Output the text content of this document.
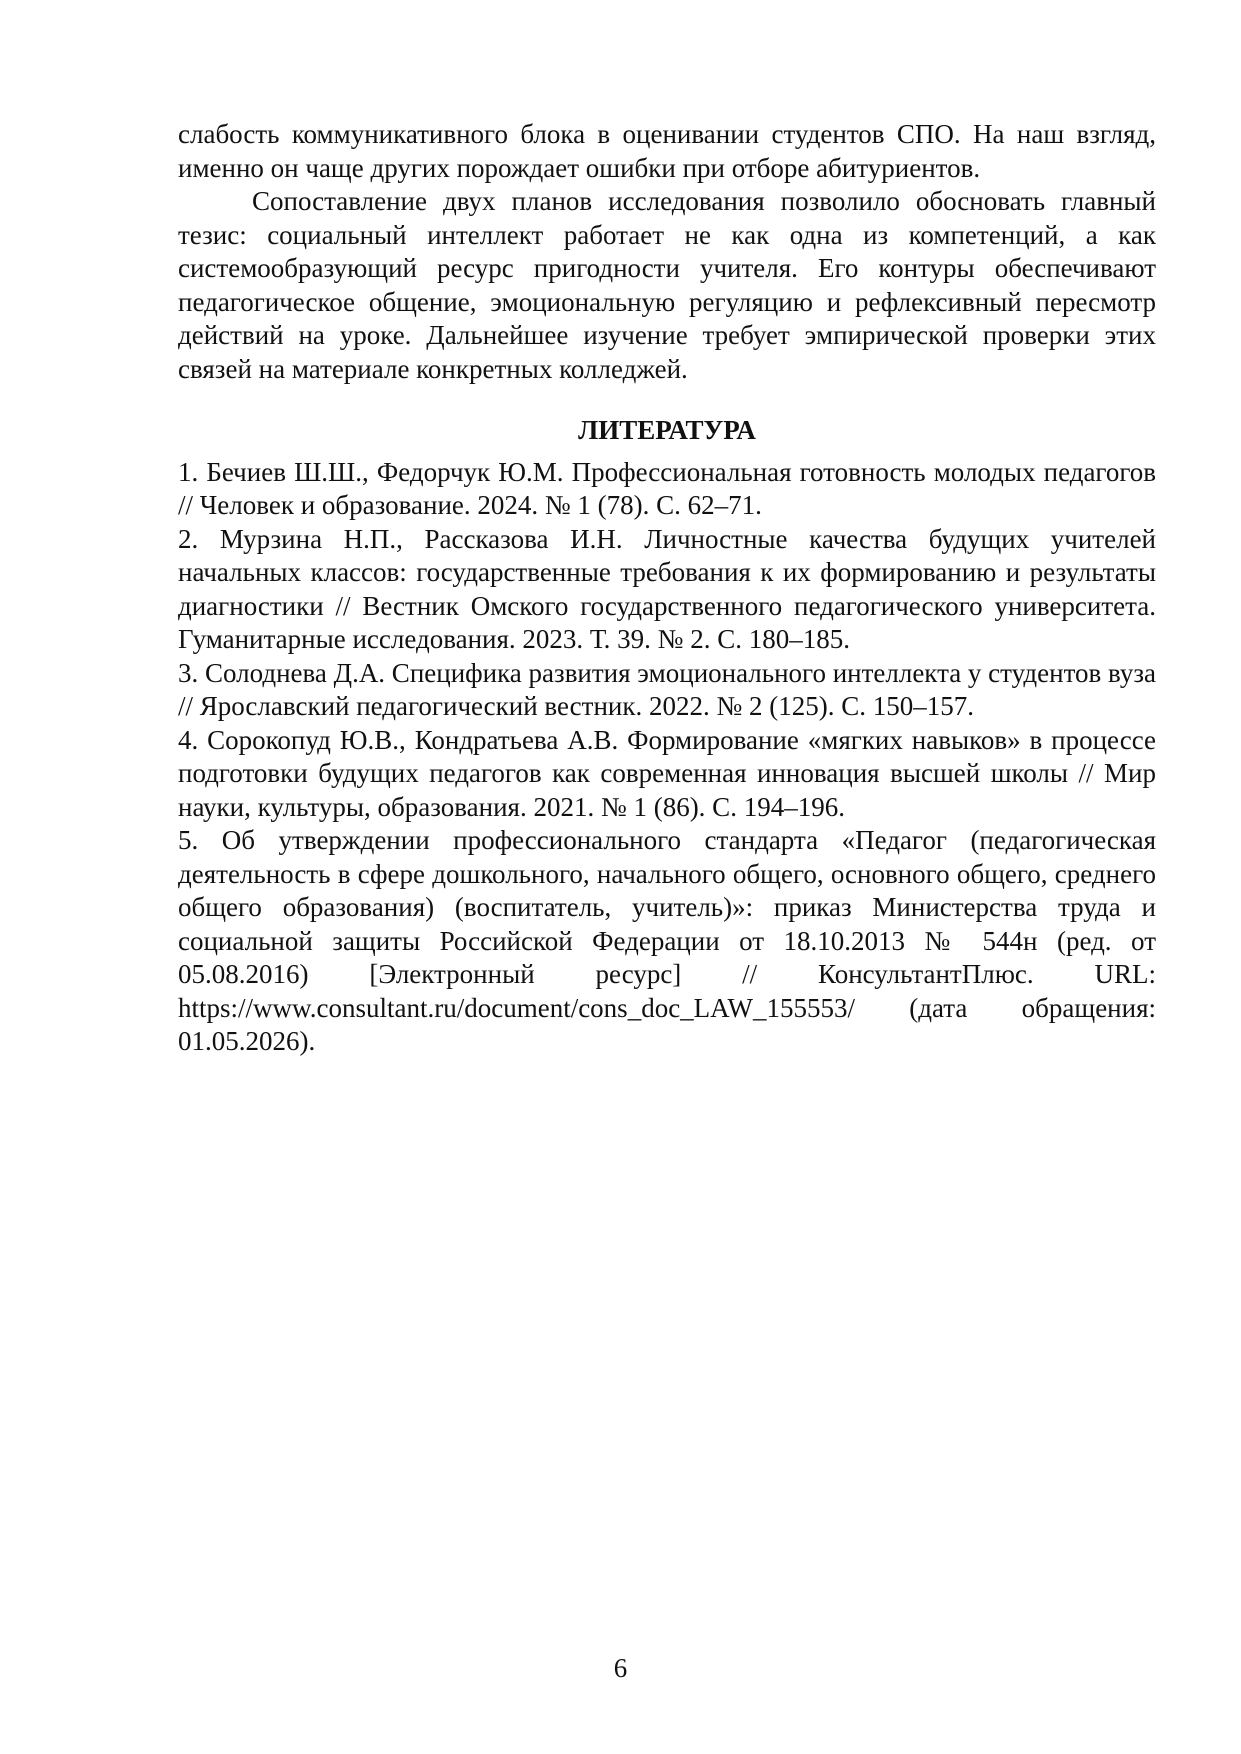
слабость коммуникативного блока в оценивании студентов СПО. На наш взгляд, именно он чаще других порождает ошибки при отборе абитуриентов.

Сопоставление двух планов исследования позволило обосновать главный тезис: социальный интеллект работает не как одна из компетенций, а как системообразующий ресурс пригодности учителя. Его контуры обеспечивают педагогическое общение, эмоциональную регуляцию и рефлексивный пересмотр действий на уроке. Дальнейшее изучение требует эмпирической проверки этих связей на материале конкретных колледжей.

ЛИТЕРАТУРА

1. Бечиев Ш.Ш., Федорчук Ю.М. Профессиональная готовность молодых педагогов // Человек и образование. 2024. № 1 (78). С. 62–71.

2. Мурзина Н.П., Рассказова И.Н. Личностные качества будущих учителей начальных классов: государственные требования к их формированию и результаты диагностики // Вестник Омского государственного педагогического университета. Гуманитарные исследования. 2023. Т. 39. № 2. С. 180–185.

3. Солоднева Д.А. Специфика развития эмоционального интеллекта у студентов вуза // Ярославский педагогический вестник. 2022. № 2 (125). С. 150–157.

4. Сорокопуд Ю.В., Кондратьева А.В. Формирование «мягких навыков» в процессе подготовки будущих педагогов как современная инновация высшей школы // Мир науки, культуры, образования. 2021. № 1 (86). С. 194–196.

5. Об утверждении профессионального стандарта «Педагог (педагогическая деятельность в сфере дошкольного, начального общего, основного общего, среднего общего образования) (воспитатель, учитель)»: приказ Министерства труда и социальной защиты Российской Федерации от 18.10.2013 № 544н (ред. от 05.08.2016) [Электронный ресурс] // КонсультантПлюс. URL: https://www.consultant.ru/document/cons_doc_LAW_155553/ (дата обращения: 01.05.2026).

6
